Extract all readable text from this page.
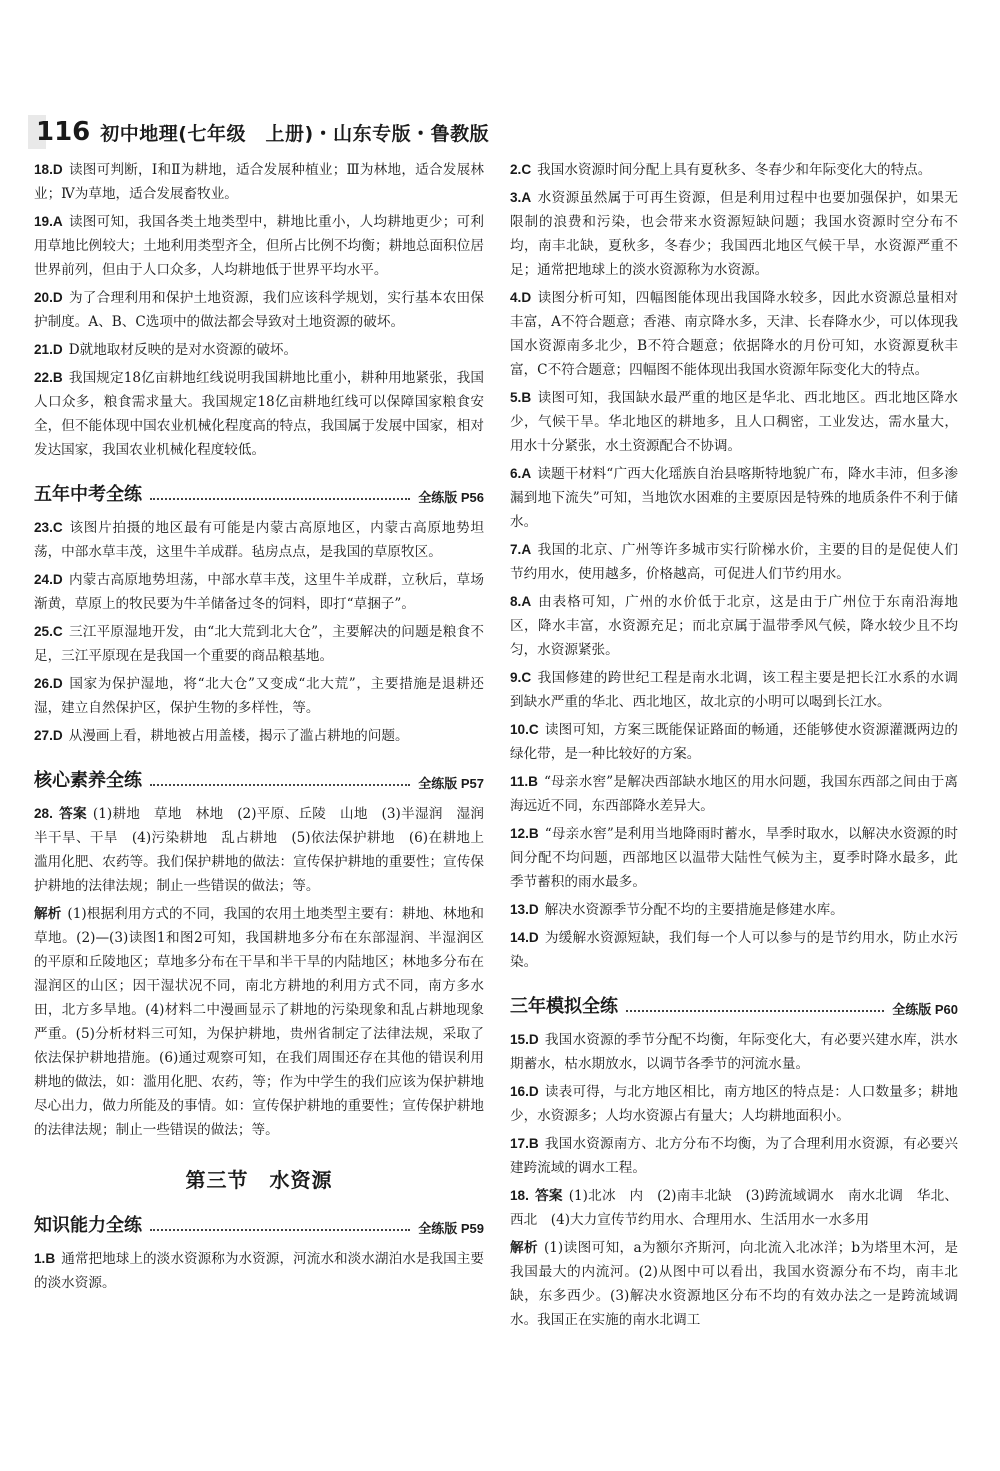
116 初中地理(七年级　上册)・山东专版・鲁教版
18.D 读图可判断，Ⅰ和Ⅱ为耕地，适合发展种植业；Ⅲ为林地，适合发展林业；Ⅳ为草地，适合发展畜牧业。
19.A 读图可知，我国各类土地类型中，耕地比重小，人均耕地更少；可利用草地比例较大；土地利用类型齐全，但所占比例不均衡；耕地总面积位居世界前列，但由于人口众多，人均耕地低于世界平均水平。
20.D 为了合理利用和保护土地资源，我们应该科学规划，实行基本农田保护制度。A、B、C选项中的做法都会导致对土地资源的破坏。
21.D D就地取材反映的是对水资源的破坏。
22.B 我国规定18亿亩耕地红线说明我国耕地比重小，耕种用地紧张，我国人口众多，粮食需求量大。我国规定18亿亩耕地红线可以保障国家粮食安全，但不能体现中国农业机械化程度高的特点，我国属于发展中国家，相对发达国家，我国农业机械化程度较低。
五年中考全练	全练版 P56
23.C 该图片拍摄的地区最有可能是内蒙古高原地区，内蒙古高原地势坦荡，中部水草丰茂，这里牛羊成群。毡房点点，是我国的草原牧区。
24.D 内蒙古高原地势坦荡，中部水草丰茂，这里牛羊成群，立秋后，草场渐黄，草原上的牧民要为牛羊储备过冬的饲料，即打“草捆子”。
25.C 三江平原湿地开发，由“北大荒到北大仓”，主要解决的问题是粮食不足，三江平原现在是我国一个重要的商品粮基地。
26.D 国家为保护湿地，将“北大仓”又变成“北大荒”，主要措施是退耕还湿，建立自然保护区，保护生物的多样性，等。
27.D 从漫画上看，耕地被占用盖楼，揭示了滥占耕地的问题。
核心素养全练	全练版 P57
28. 答案 (1)耕地　草地　林地　(2)平原、丘陵　山地　(3)半湿润　湿润　半干旱、干旱　(4)污染耕地　乱占耕地　(5)依法保护耕地　(6)在耕地上滥用化肥、农药等。我们保护耕地的做法：宣传保护耕地的重要性；宣传保护耕地的法律法规；制止一些错误的做法；等。
解析 (1)根据利用方式的不同，我国的农用土地类型主要有：耕地、林地和草地。(2)—(3)读图1和图2可知，我国耕地多分布在东部湿润、半湿润区的平原和丘陵地区；草地多分布在干旱和半干旱的内陆地区；林地多分布在湿润区的山区；因干湿状况不同，南北方耕地的利用方式不同，南方多水田，北方多旱地。(4)材料二中漫画显示了耕地的污染现象和乱占耕地现象严重。(5)分析材料三可知，为保护耕地，贵州省制定了法律法规，采取了依法保护耕地措施。(6)通过观察可知，在我们周围还存在其他的错误利用耕地的做法，如：滥用化肥、农药，等；作为中学生的我们应该为保护耕地尽心出力，做力所能及的事情。如：宣传保护耕地的重要性；宣传保护耕地的法律法规；制止一些错误的做法；等。
第三节　水资源
知识能力全练	全练版 P59
1.B 通常把地球上的淡水资源称为水资源，河流水和淡水湖泊水是我国主要的淡水资源。
2.C 我国水资源时间分配上具有夏秋多、冬春少和年际变化大的特点。
3.A 水资源虽然属于可再生资源，但是利用过程中也要加强保护，如果无限制的浪费和污染，也会带来水资源短缺问题；我国水资源时空分布不均，南丰北缺，夏秋多，冬春少；我国西北地区气候干旱，水资源严重不足；通常把地球上的淡水资源称为水资源。
4.D 读图分析可知，四幅图能体现出我国降水较多，因此水资源总量相对丰富，A不符合题意；香港、南京降水多，天津、长春降水少，可以体现我国水资源南多北少，B不符合题意；依据降水的月份可知，水资源夏秋丰富，C不符合题意；四幅图不能体现出我国水资源年际变化大的特点。
5.B 读图可知，我国缺水最严重的地区是华北、西北地区。西北地区降水少，气候干旱。华北地区的耕地多，且人口稠密，工业发达，需水量大，用水十分紧张，水土资源配合不协调。
6.A 读题干材料“广西大化瑶族自治县喀斯特地貌广布，降水丰沛，但多渗漏到地下流失”可知，当地饮水困难的主要原因是特殊的地质条件不利于储水。
7.A 我国的北京、广州等许多城市实行阶梯水价，主要的目的是促使人们节约用水，使用越多，价格越高，可促进人们节约用水。
8.A 由表格可知，广州的水价低于北京，这是由于广州位于东南沿海地区，降水丰富，水资源充足；而北京属于温带季风气候，降水较少且不均匀，水资源紧张。
9.C 我国修建的跨世纪工程是南水北调，该工程主要是把长江水系的水调到缺水严重的华北、西北地区，故北京的小明可以喝到长江水。
10.C 读图可知，方案三既能保证路面的畅通，还能够使水资源灌溉两边的绿化带，是一种比较好的方案。
11.B “母亲水窖”是解决西部缺水地区的用水问题，我国东西部之间由于离海远近不同，东西部降水差异大。
12.B “母亲水窖”是利用当地降雨时蓄水，旱季时取水，以解决水资源的时间分配不均问题，西部地区以温带大陆性气候为主，夏季时降水最多，此季节蓄积的雨水最多。
13.D 解决水资源季节分配不均的主要措施是修建水库。
14.D 为缓解水资源短缺，我们每一个人可以参与的是节约用水，防止水污染。
三年模拟全练	全练版 P60
15.D 我国水资源的季节分配不均衡，年际变化大，有必要兴建水库，洪水期蓄水，枯水期放水，以调节各季节的河流水量。
16.D 读表可得，与北方地区相比，南方地区的特点是：人口数量多；耕地少，水资源多；人均水资源占有量大；人均耕地面积小。
17.B 我国水资源南方、北方分布不均衡，为了合理利用水资源，有必要兴建跨流域的调水工程。
18. 答案 (1)北冰　内　(2)南丰北缺　(3)跨流域调水　南水北调　华北、西北　(4)大力宣传节约用水、合理用水、生活用水一水多用
解析 (1)读图可知，a为额尔齐斯河，向北流入北冰洋；b为塔里木河，是我国最大的内流河。(2)从图中可以看出，我国水资源分布不均，南丰北缺，东多西少。(3)解决水资源地区分布不均的有效办法之一是跨流域调水。我国正在实施的南水北调工
